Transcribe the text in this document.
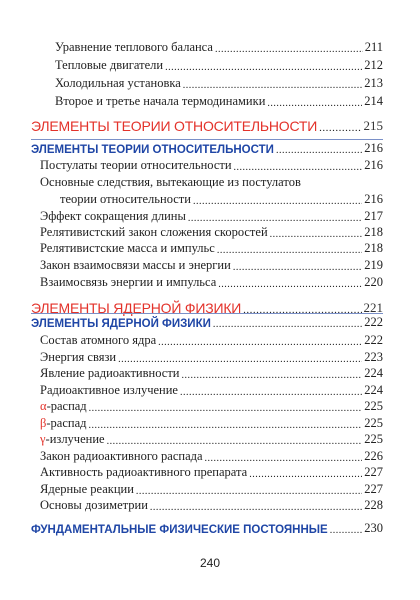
Уравнение теплового баланса .....	211
Тепловые двигатели .....	212
Холодильная установка .....	213
Второе и третье начала термодинамики .....	214
ЭЛЕМЕНТЫ ТЕОРИИ ОТНОСИТЕЛЬНОСТИ .....	215
ЭЛЕМЕНТЫ ТЕОРИИ ОТНОСИТЕЛЬНОСТИ .....	216
Постулаты теории относительности .....	216
Основные следствия, вытекающие из постулатов
теории относительности .....	216
Эффект сокращения длины .....	217
Релятивистский закон сложения скоростей .....	218
Релятивистские масса и импульс .....	218
Закон взаимосвязи массы и энергии .....	219
Взаимосвязь энергии и импульса .....	220
ЭЛЕМЕНТЫ ЯДЕРНОЙ ФИЗИКИ .....	221
ЭЛЕМЕНТЫ ЯДЕРНОЙ ФИЗИКИ .....	222
Состав атомного ядра .....	222
Энергия связи .....	223
Явление радиоактивности .....	224
Радиоактивное излучение .....	224
α-распад .....	225
β-распад .....	225
γ-излучение .....	225
Закон радиоактивного распада .....	226
Активность радиоактивного препарата .....	227
Ядерные реакции .....	227
Основы дозиметрии .....	228
ФУНДАМЕНТАЛЬНЫЕ ФИЗИЧЕСКИЕ ПОСТОЯННЫЕ .....	230
240
